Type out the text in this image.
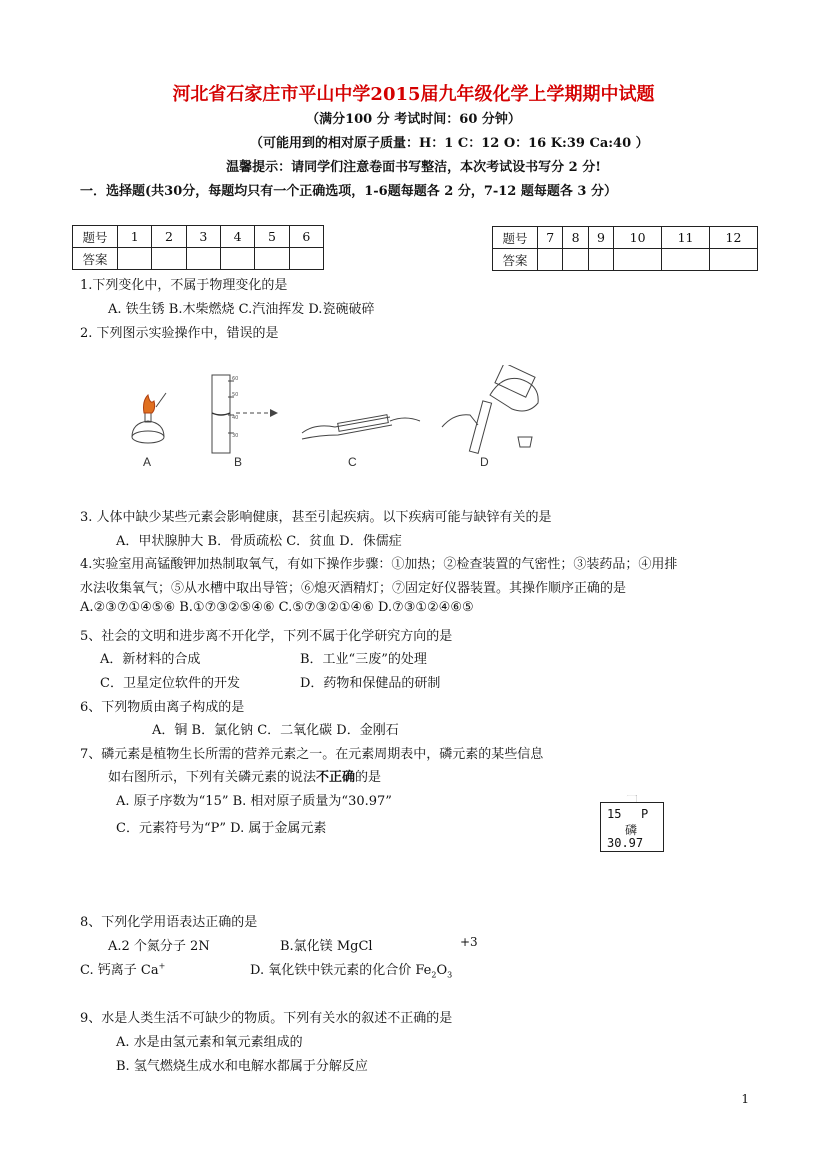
河北省石家庄市平山中学2015届九年级化学上学期期中试题
（满分100 分 考试时间：60 分钟）
（可能用到的相对原子质量：H：1 C：12 O：16 K:39 Ca:40 ）
温馨提示：请同学们注意卷面书写整洁，本次考试设书写分 2 分!
一．选择题(共30分，每题均只有一个正确选项，1-6题每题各 2 分，7-12 题每题各 3 分）
题号	1	2	3	4	5	6
答案						
题号	7	8	9	10	11	12
答案						
1.下列变化中，不属于物理变化的是
A. 铁生锈 B.木柴燃烧 C.汽油挥发 D.瓷碗破碎
2. 下列图示实验操作中，错误的是
60
50
40
30
A	B	C	D
3. 人体中缺少某些元素会影响健康，甚至引起疾病。以下疾病可能与缺锌有关的是
A．甲状腺肿大 B．骨质疏松 C．贫血 D．侏儒症
4.实验室用高锰酸钾加热制取氧气，有如下操作步骤：①加热；②检查装置的气密性；③装药品；④用排
水法收集氧气；⑤从水槽中取出导管；⑥熄灭酒精灯；⑦固定好仪器装置。其操作顺序正确的是
A.②③⑦①④⑤⑥ B.①⑦③②⑤④⑥ C.⑤⑦③②①④⑥ D.⑦③①②④⑥⑤
5、社会的文明和进步离不开化学，下列不属于化学研究方向的是
A．新材料的合成	B．工业“三废”的处理
C．卫星定位软件的开发	D．药物和保健品的研制
6、下列物质由离子构成的是
A．铜 B．氯化钠 C．二氧化碳 D．金刚石
7、磷元素是植物生长所需的营养元素之一。在元素周期表中，磷元素的某些信息
如右图所示，下列有关磷元素的说法不正确的是
A. 原子序数为“15” B. 相对原子质量为“30.97”
C．元素符号为“P” D. 属于金属元素
15 P
磷
30.97
8、下列化学用语表达正确的是
A.2 个氮分子 2N	B.氯化镁 MgCl	+3
C. 钙离子 Ca+	D. 氧化铁中铁元素的化合价 $Fe_2O_3$
9、水是人类生活不可缺少的物质。下列有关水的叙述不正确的是
A. 水是由氢元素和氧元素组成的
B. 氢气燃烧生成水和电解水都属于分解反应
1
